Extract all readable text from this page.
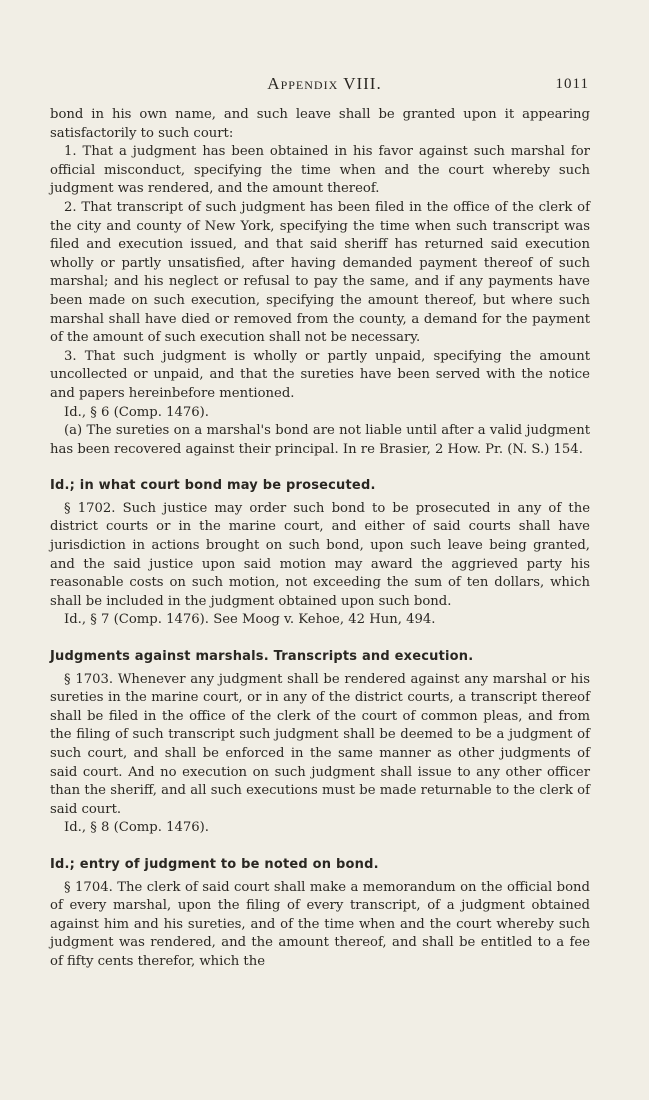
Appendix VIII.	1011

bond in his own name, and such leave shall be granted upon it appearing satisfactorily to such court:

1. That a judgment has been obtained in his favor against such marshal for official misconduct, specifying the time when and the court whereby such judgment was rendered, and the amount thereof.

2. That transcript of such judgment has been filed in the office of the clerk of the city and county of New York, specifying the time when such transcript was filed and execution issued, and that said sheriff has returned said execution wholly or partly unsatisfied, after having demanded payment thereof of such marshal; and his neglect or refusal to pay the same, and if any payments have been made on such execution, specifying the amount thereof, but where such marshal shall have died or removed from the county, a demand for the payment of the amount of such execution shall not be necessary.

3. That such judgment is wholly or partly unpaid, specifying the amount uncollected or unpaid, and that the sureties have been served with the notice and papers hereinbefore mentioned.

Id., § 6 (Comp. 1476).

(a) The sureties on a marshal's bond are not liable until after a valid judgment has been recovered against their principal. In re Brasier, 2 How. Pr. (N. S.) 154.

Id.; in what court bond may be prosecuted.

§ 1702. Such justice may order such bond to be prosecuted in any of the district courts or in the marine court, and either of said courts shall have jurisdiction in actions brought on such bond, upon such leave being granted, and the said justice upon said motion may award the aggrieved party his reasonable costs on such motion, not exceeding the sum of ten dollars, which shall be included in the judgment obtained upon such bond.

Id., § 7 (Comp. 1476). See Moog v. Kehoe, 42 Hun, 494.

Judgments against marshals. Transcripts and execution.

§ 1703. Whenever any judgment shall be rendered against any marshal or his sureties in the marine court, or in any of the district courts, a transcript thereof shall be filed in the office of the clerk of the court of common pleas, and from the filing of such transcript such judgment shall be deemed to be a judgment of such court, and shall be enforced in the same manner as other judgments of said court. And no execution on such judgment shall issue to any other officer than the sheriff, and all such executions must be made returnable to the clerk of said court.

Id., § 8 (Comp. 1476).

Id.; entry of judgment to be noted on bond.

§ 1704. The clerk of said court shall make a memorandum on the official bond of every marshal, upon the filing of every transcript, of a judgment obtained against him and his sureties, and of the time when and the court whereby such judgment was rendered, and the amount thereof, and shall be entitled to a fee of fifty cents therefor, which the
